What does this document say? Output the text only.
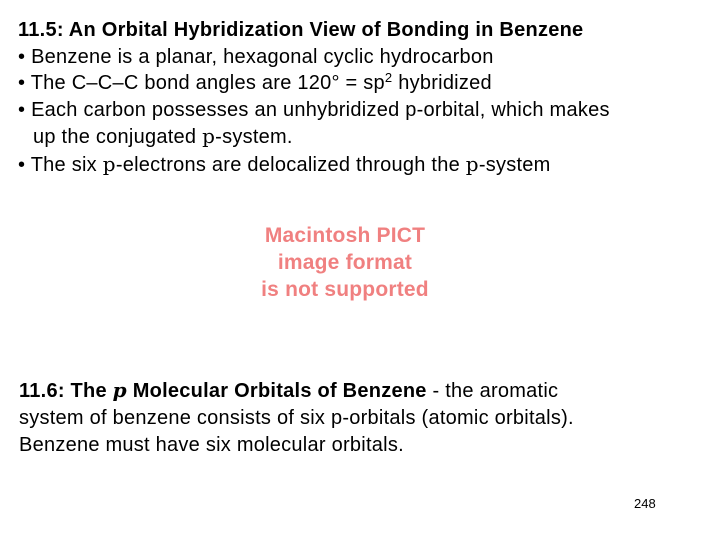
11.5: An Orbital Hybridization View of Bonding in Benzene
• Benzene is a planar, hexagonal cyclic hydrocarbon
• The C–C–C bond angles are $120^\circ = sp^2$ hybridized
• Each carbon possesses an unhybridized p-orbital, which makes
up the conjugated p-system.
• The six p-electrons are delocalized through the p-system
Macintosh PICT
image format
is not supported
11.6: The p Molecular Orbitals of Benzene - the aromatic
system of benzene consists of six p-orbitals (atomic orbitals).
Benzene must have six molecular orbitals.
248
